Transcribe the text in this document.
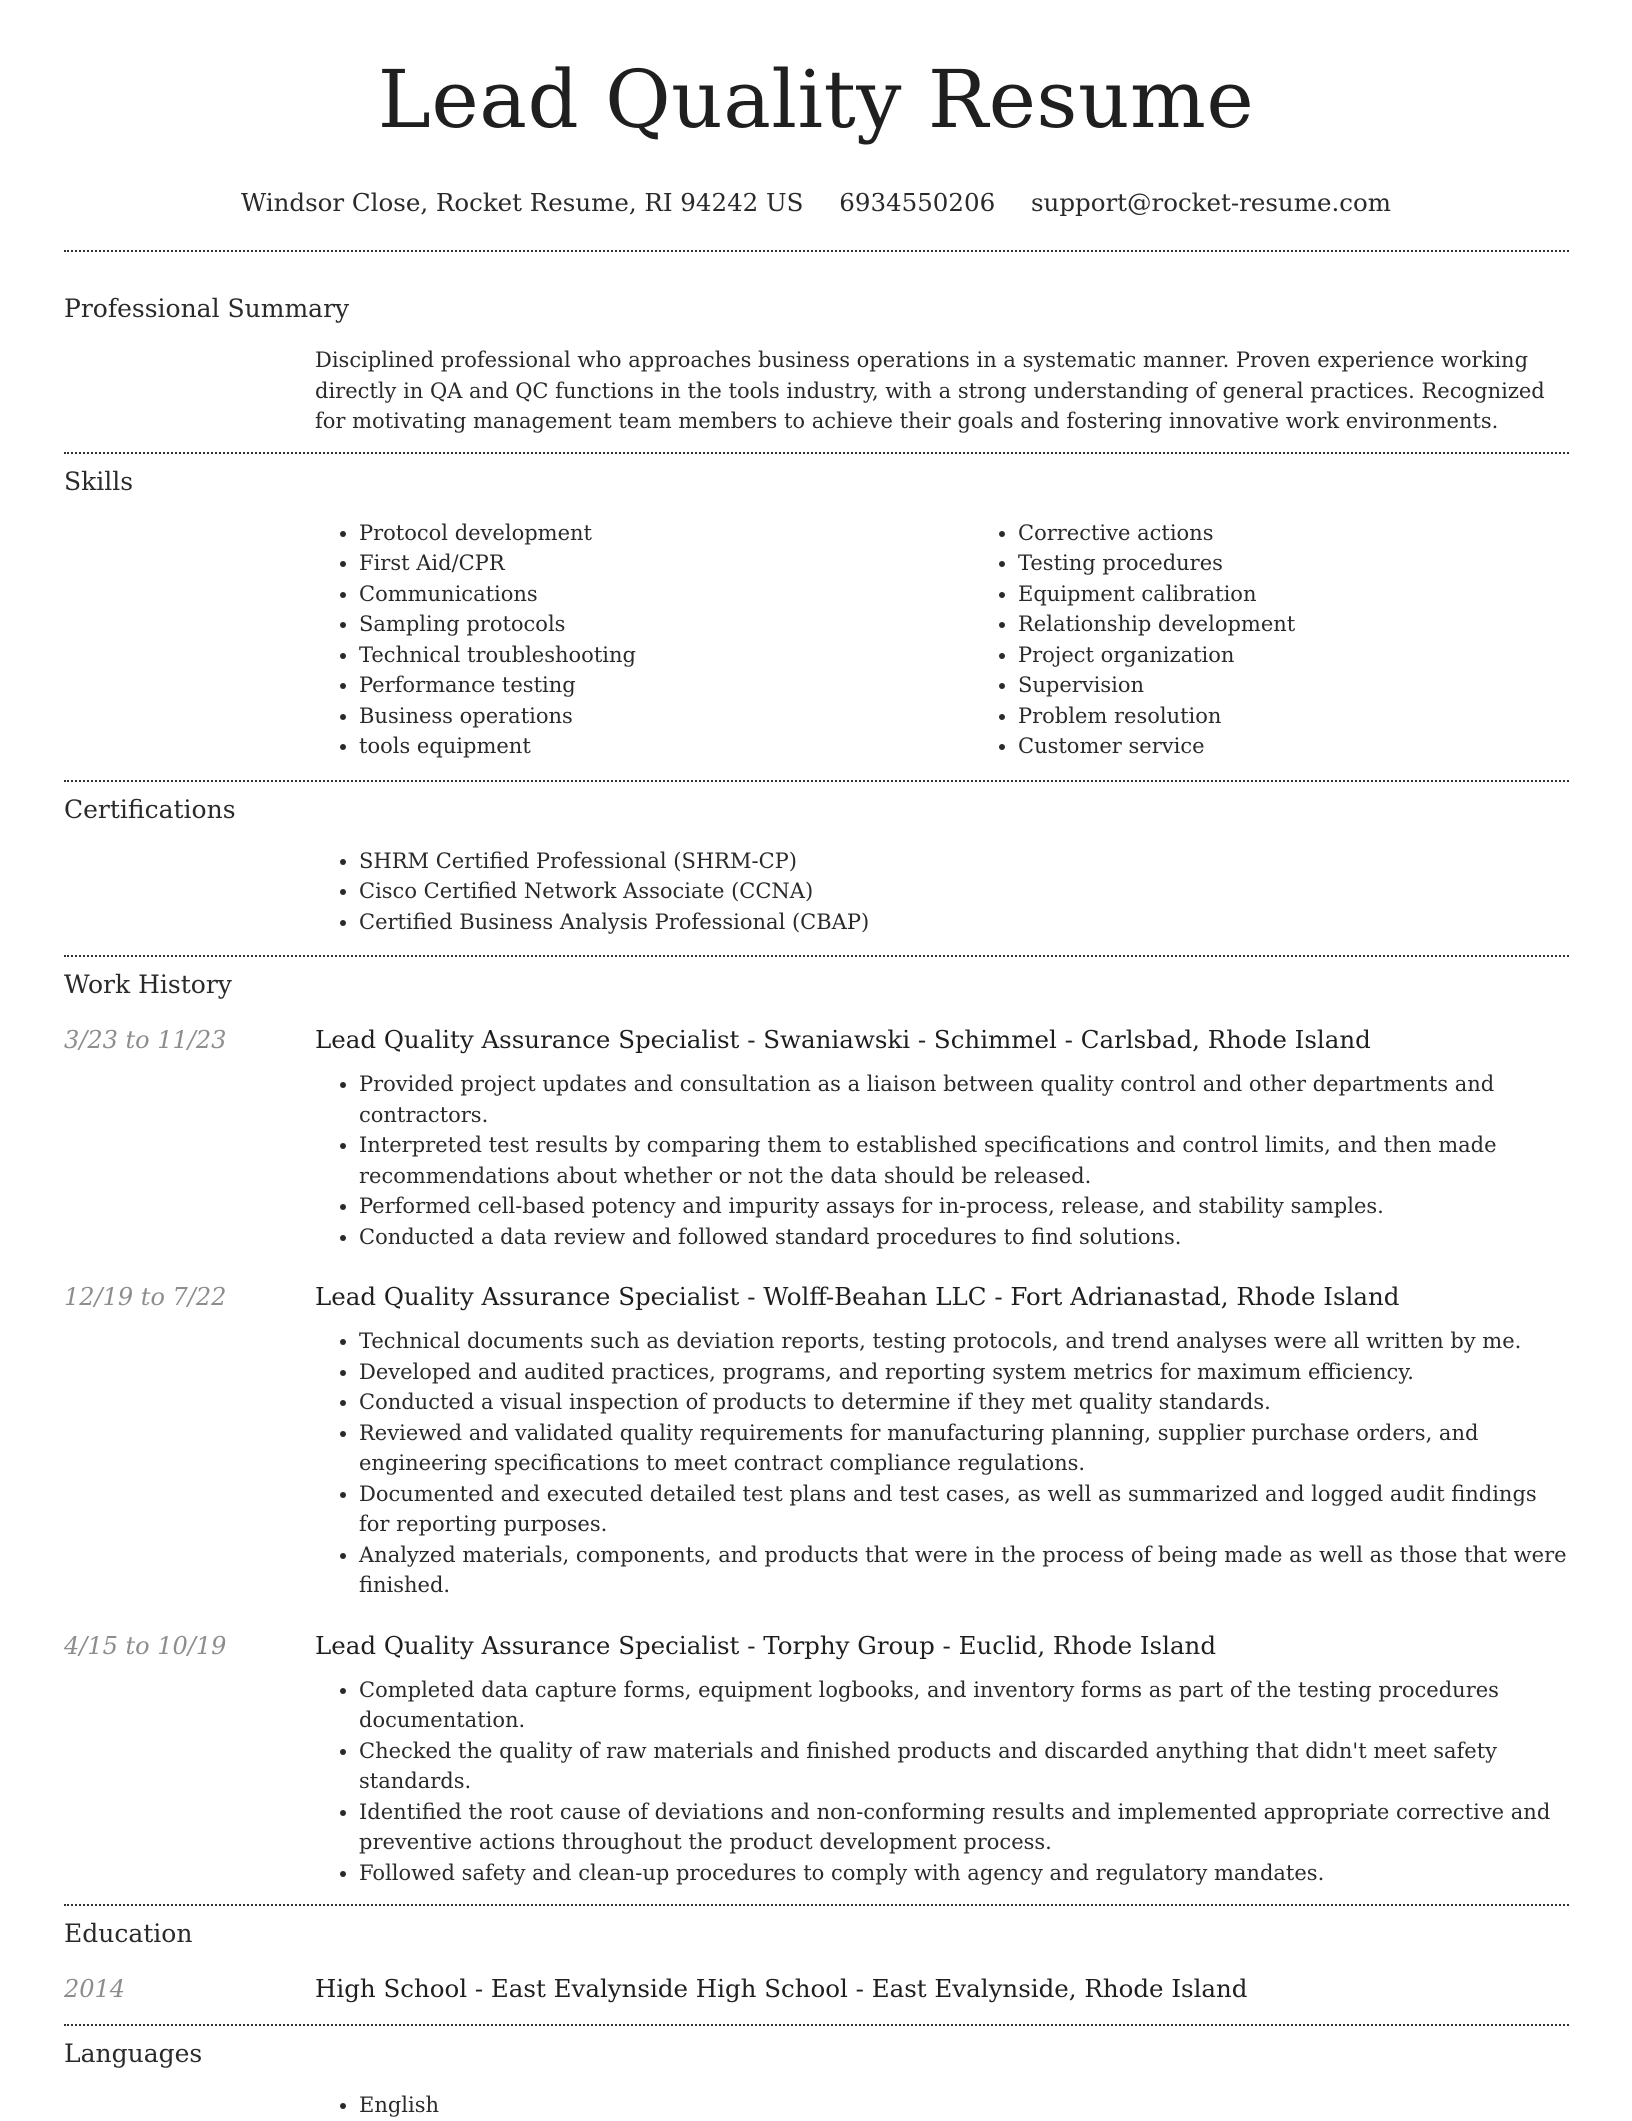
Lead Quality Resume
Windsor Close, Rocket Resume, RI 94242 US 6934550206 support@rocket-resume.com
Professional Summary
Disciplined professional who approaches business operations in a systematic manner. Proven experience working directly in QA and QC functions in the tools industry, with a strong understanding of general practices. Recognized for motivating management team members to achieve their goals and fostering innovative work environments.
Skills
• Protocol development
• First Aid/CPR
• Communications
• Sampling protocols
• Technical troubleshooting
• Performance testing
• Business operations
• tools equipment
• Corrective actions
• Testing procedures
• Equipment calibration
• Relationship development
• Project organization
• Supervision
• Problem resolution
• Customer service
Certifications
• SHRM Certified Professional (SHRM-CP)
• Cisco Certified Network Associate (CCNA)
• Certified Business Analysis Professional (CBAP)
Work History
3/23 to 11/23	Lead Quality Assurance Specialist - Swaniawski - Schimmel - Carlsbad, Rhode Island
• Provided project updates and consultation as a liaison between quality control and other departments and contractors.
• Interpreted test results by comparing them to established specifications and control limits, and then made recommendations about whether or not the data should be released.
• Performed cell-based potency and impurity assays for in-process, release, and stability samples.
• Conducted a data review and followed standard procedures to find solutions.
12/19 to 7/22	Lead Quality Assurance Specialist - Wolff-Beahan LLC - Fort Adrianastad, Rhode Island
• Technical documents such as deviation reports, testing protocols, and trend analyses were all written by me.
• Developed and audited practices, programs, and reporting system metrics for maximum efficiency.
• Conducted a visual inspection of products to determine if they met quality standards.
• Reviewed and validated quality requirements for manufacturing planning, supplier purchase orders, and engineering specifications to meet contract compliance regulations.
• Documented and executed detailed test plans and test cases, as well as summarized and logged audit findings for reporting purposes.
• Analyzed materials, components, and products that were in the process of being made as well as those that were finished.
4/15 to 10/19	Lead Quality Assurance Specialist - Torphy Group - Euclid, Rhode Island
• Completed data capture forms, equipment logbooks, and inventory forms as part of the testing procedures documentation.
• Checked the quality of raw materials and finished products and discarded anything that didn't meet safety standards.
• Identified the root cause of deviations and non-conforming results and implemented appropriate corrective and preventive actions throughout the product development process.
• Followed safety and clean-up procedures to comply with agency and regulatory mandates.
Education
2014	High School - East Evalynside High School - East Evalynside, Rhode Island
Languages
• English
